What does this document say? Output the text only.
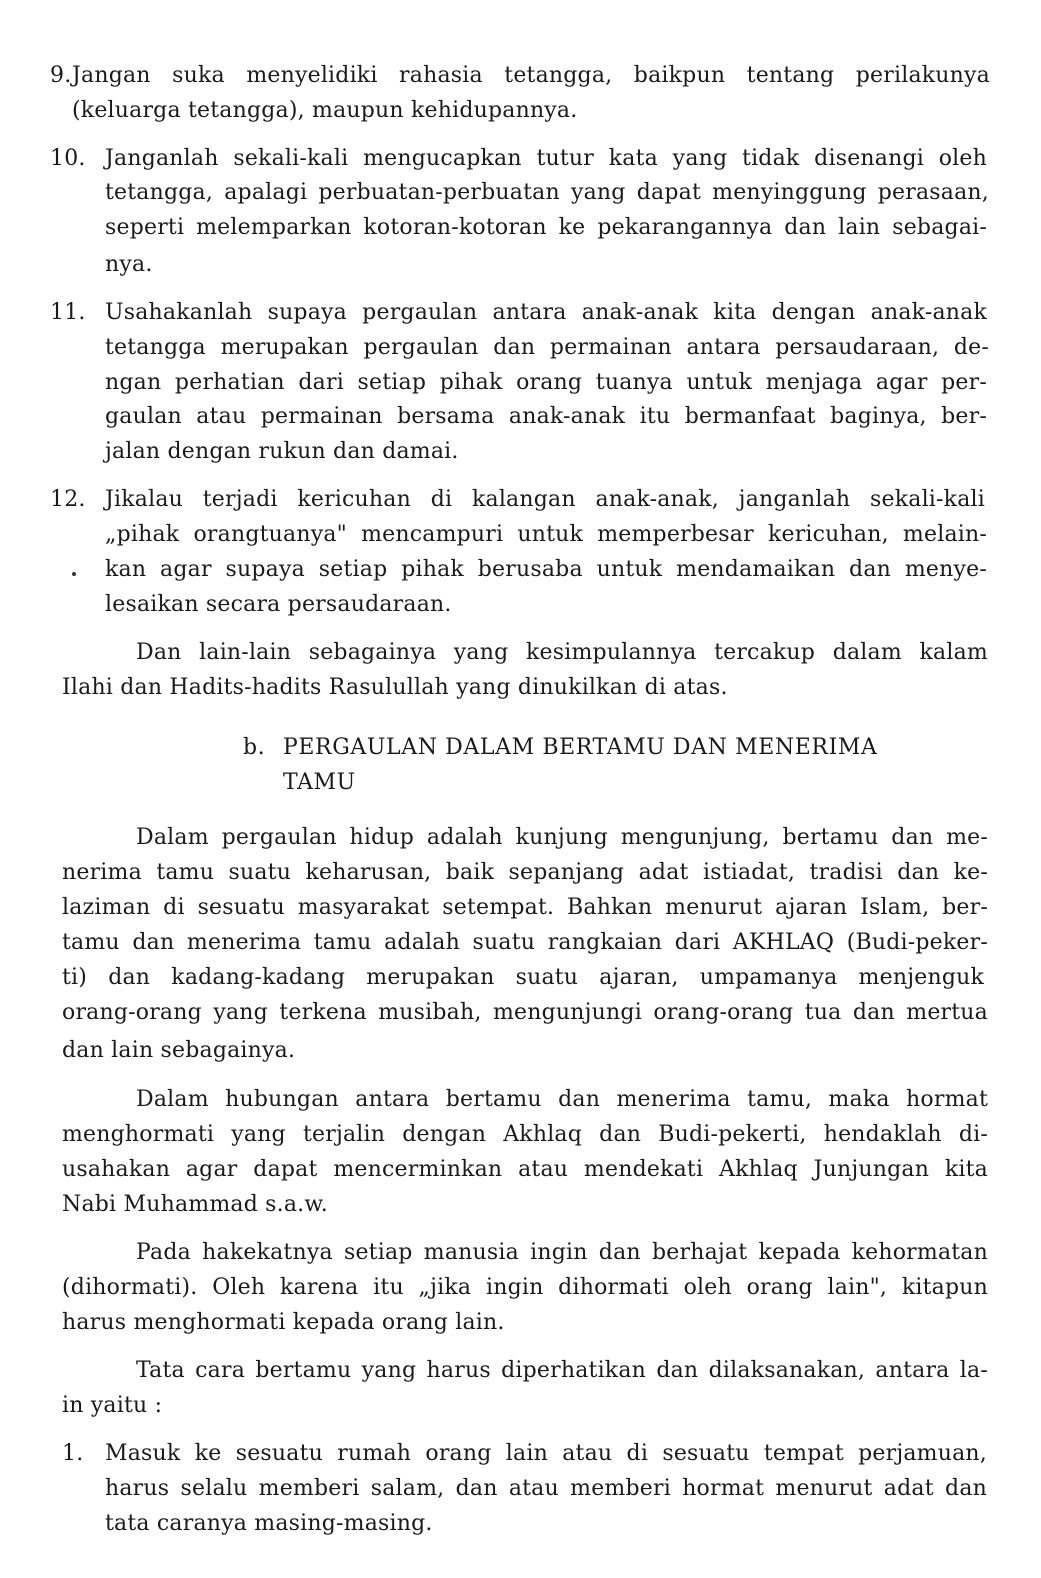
9. Jangan suka menyelidiki rahasia tetangga, baikpun tentang perilakunya
(keluarga tetangga), maupun kehidupannya.
10. Janganlah sekali-kali mengucapkan tutur kata yang tidak disenangi oleh
tetangga, apalagi perbuatan-perbuatan yang dapat menyinggung perasaan,
seperti melemparkan kotoran-kotoran ke pekarangannya dan lain sebagai-
nya.
11. Usahakanlah supaya pergaulan antara anak-anak kita dengan anak-anak
tetangga merupakan pergaulan dan permainan antara persaudaraan, de-
ngan perhatian dari setiap pihak orang tuanya untuk menjaga agar per-
gaulan atau permainan bersama anak-anak itu bermanfaat baginya, ber-
jalan dengan rukun dan damai.
12. Jikalau terjadi kericuhan di kalangan anak-anak, janganlah sekali-kali
„pihak orangtuanya" mencampuri untuk memperbesar kericuhan, melain-
kan agar supaya setiap pihak berusaba untuk mendamaikan dan menye-
lesaikan secara persaudaraan.
Dan lain-lain sebagainya yang kesimpulannya tercakup dalam kalam
Ilahi dan Hadits-hadits Rasulullah yang dinukilkan di atas.
b. PERGAULAN DALAM BERTAMU DAN MENERIMA
TAMU
Dalam pergaulan hidup adalah kunjung mengunjung, bertamu dan me-
nerima tamu suatu keharusan, baik sepanjang adat istiadat, tradisi dan ke-
laziman di sesuatu masyarakat setempat. Bahkan menurut ajaran Islam, ber-
tamu dan menerima tamu adalah suatu rangkaian dari AKHLAQ (Budi-peker-
ti) dan kadang-kadang merupakan suatu ajaran, umpamanya menjenguk
orang-orang yang terkena musibah, mengunjungi orang-orang tua dan mertua
dan lain sebagainya.
Dalam hubungan antara bertamu dan menerima tamu, maka hormat
menghormati yang terjalin dengan Akhlaq dan Budi-pekerti, hendaklah di-
usahakan agar dapat mencerminkan atau mendekati Akhlaq Junjungan kita
Nabi Muhammad s.a.w.
Pada hakekatnya setiap manusia ingin dan berhajat kepada kehormatan
(dihormati). Oleh karena itu „jika ingin dihormati oleh orang lain", kitapun
harus menghormati kepada orang lain.
Tata cara bertamu yang harus diperhatikan dan dilaksanakan, antara la-
in yaitu :
1. Masuk ke sesuatu rumah orang lain atau di sesuatu tempat perjamuan,
harus selalu memberi salam, dan atau memberi hormat menurut adat dan
tata caranya masing-masing.
